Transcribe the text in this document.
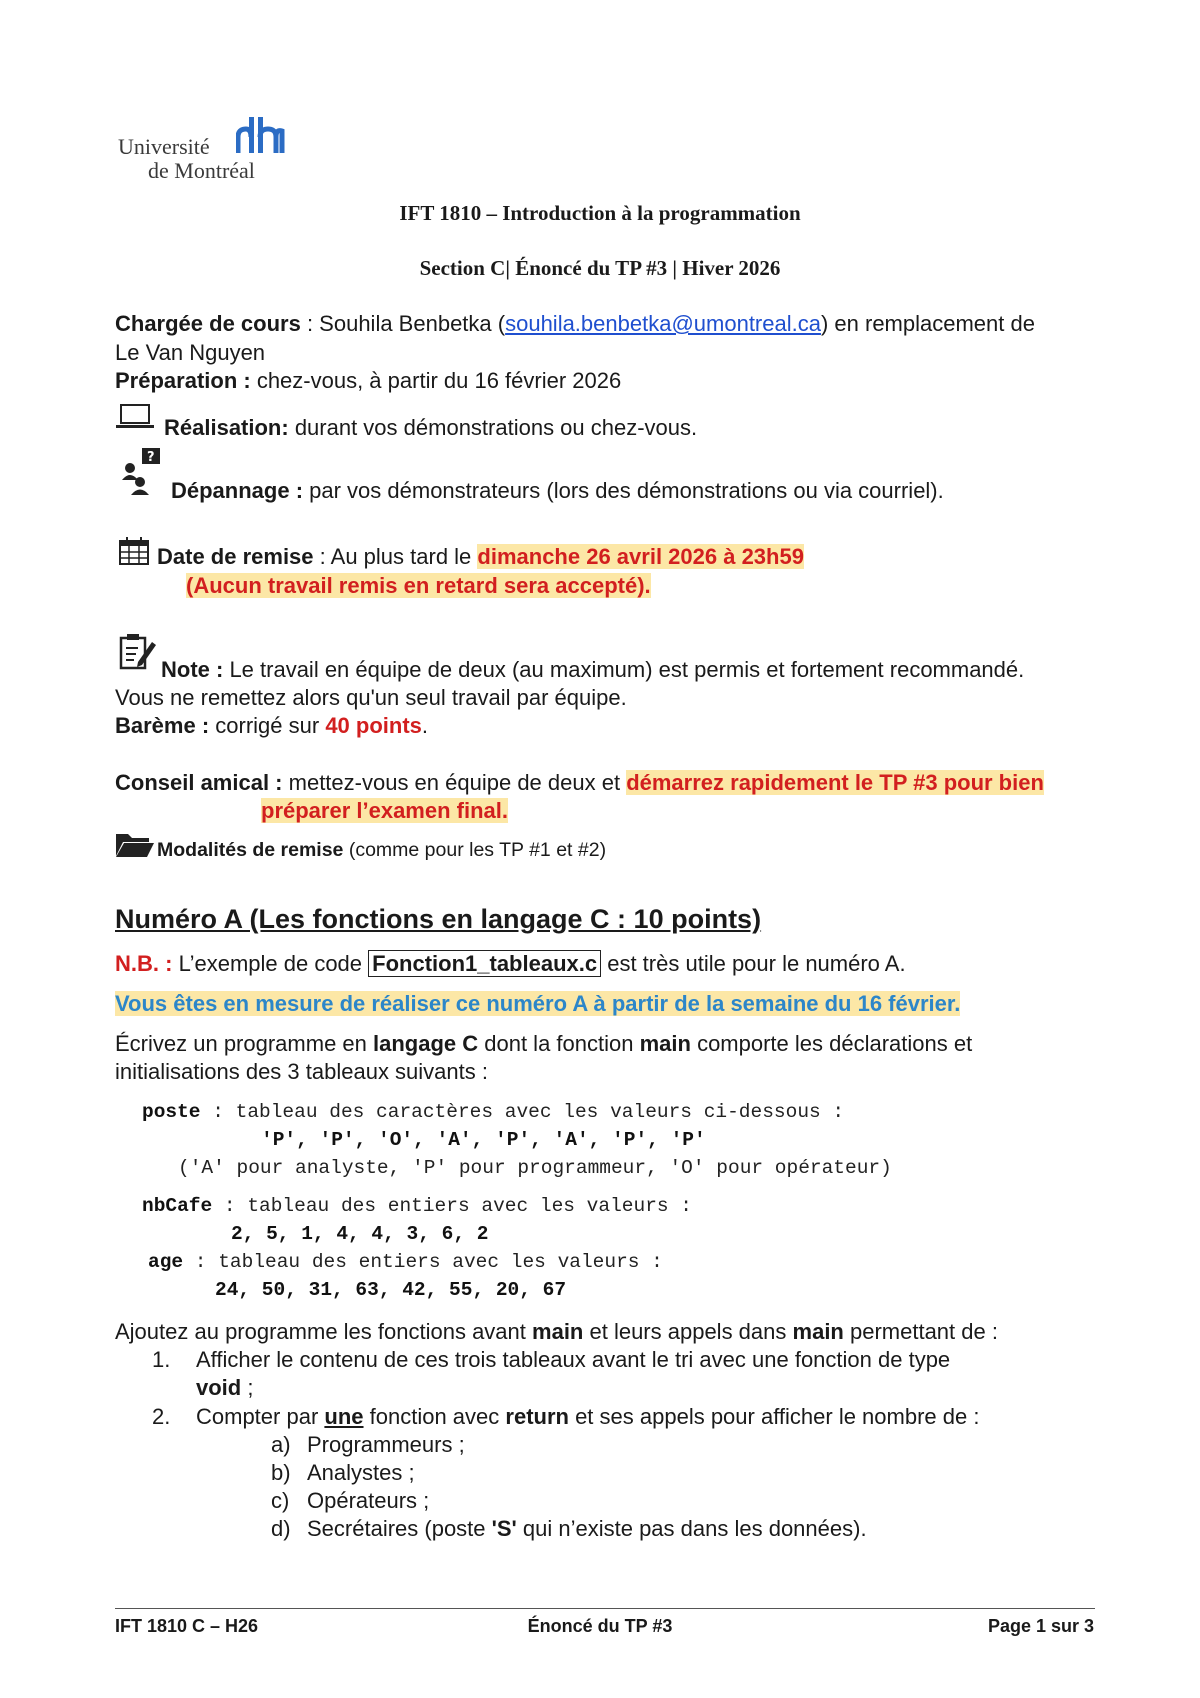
Université
de Montréal
IFT 1810 – Introduction à la programmation
Section C| Énoncé du TP #3 | Hiver 2026
Chargée de cours : Souhila Benbetka (souhila.benbetka@umontreal.ca) en remplacement de
Le Van Nguyen
Préparation : chez-vous, à partir du 16 février 2026
Réalisation: durant vos démonstrations ou chez-vous.
?
Dépannage : par vos démonstrateurs (lors des démonstrations ou via courriel).
Date de remise : Au plus tard le dimanche 26 avril 2026 à 23h59
(Aucun travail remis en retard sera accepté).
Note : Le travail en équipe de deux (au maximum) est permis et fortement recommandé.
Vous ne remettez alors qu'un seul travail par équipe.
Barème : corrigé sur 40 points.
Conseil amical : mettez-vous en équipe de deux et démarrez rapidement le TP #3 pour bien
préparer l’examen final.
Modalités de remise (comme pour les TP #1 et #2)
Numéro A (Les fonctions en langage C : 10 points)
N.B. : L’exemple de code Fonction1_tableaux.c est très utile pour le numéro A.
Vous êtes en mesure de réaliser ce numéro A à partir de la semaine du 16 février.
Écrivez un programme en langage C dont la fonction main comporte les déclarations et
initialisations des 3 tableaux suivants :
poste : tableau des caractères avec les valeurs ci-dessous :
'P', 'P', 'O', 'A', 'P', 'A', 'P', 'P'
('A' pour analyste, 'P' pour programmeur, 'O' pour opérateur)
nbCafe : tableau des entiers avec les valeurs :
2, 5, 1, 4, 4, 3, 6, 2
age : tableau des entiers avec les valeurs :
24, 50, 31, 63, 42, 55, 20, 67
Ajoutez au programme les fonctions avant main et leurs appels dans main permettant de :
1. Afficher le contenu de ces trois tableaux avant le tri avec une fonction de type
void ;
2. Compter par une fonction avec return et ses appels pour afficher le nombre de :
a) Programmeurs ;
b) Analystes ;
c) Opérateurs ;
d) Secrétaires (poste 'S' qui n’existe pas dans les données).
IFT 1810 C – H26	Énoncé du TP #3	Page 1 sur 3
